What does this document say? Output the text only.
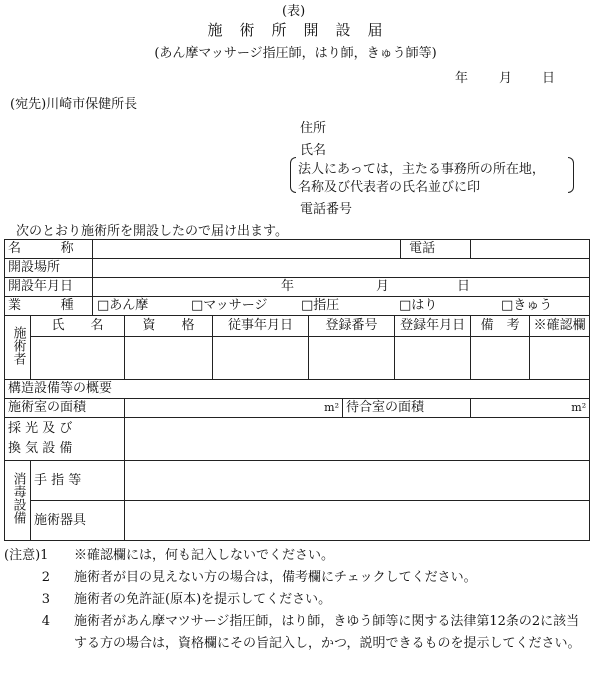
(表)
施　術　所　開　設　届
(あん摩マッサージ指圧師，はり師，きゅう師等)
年 月 日
(宛先)川崎市保健所長
住所
氏名
法人にあっては，主たる事務所の所在地，
名称及び代表者の氏名並びに印
電話番号
次のとおり施術所を開設したので届け出ます。
名　　称								電話		
開設場所										
開設年月日		年 月 日								

業　　種		□あん摩 □マッサージ □指圧 □はり □きゅう								

施術者	氏　　名		資　　格	従事年月日	登録番号		登録年月日		備　考	※確認欄

構造設備等の概要										
施術室の面積			m²			待合室の面積			m²	

採 光 及 び
換 気 設 備										

消毒設備	手 指 等									
	施術器具									
(注意)1	※確認欄には，何も記入しないでください。
2	施術者が目の見えない方の場合は，備考欄にチェックしてください。
3	施術者の免許証(原本)を提示してください。
4	施術者があん摩マツサージ指圧師，はり師，きゆう師等に関する法律第12条の2に該当する方の場合は，資格欄にその旨記入し，かつ，説明できるものを提示してください。
